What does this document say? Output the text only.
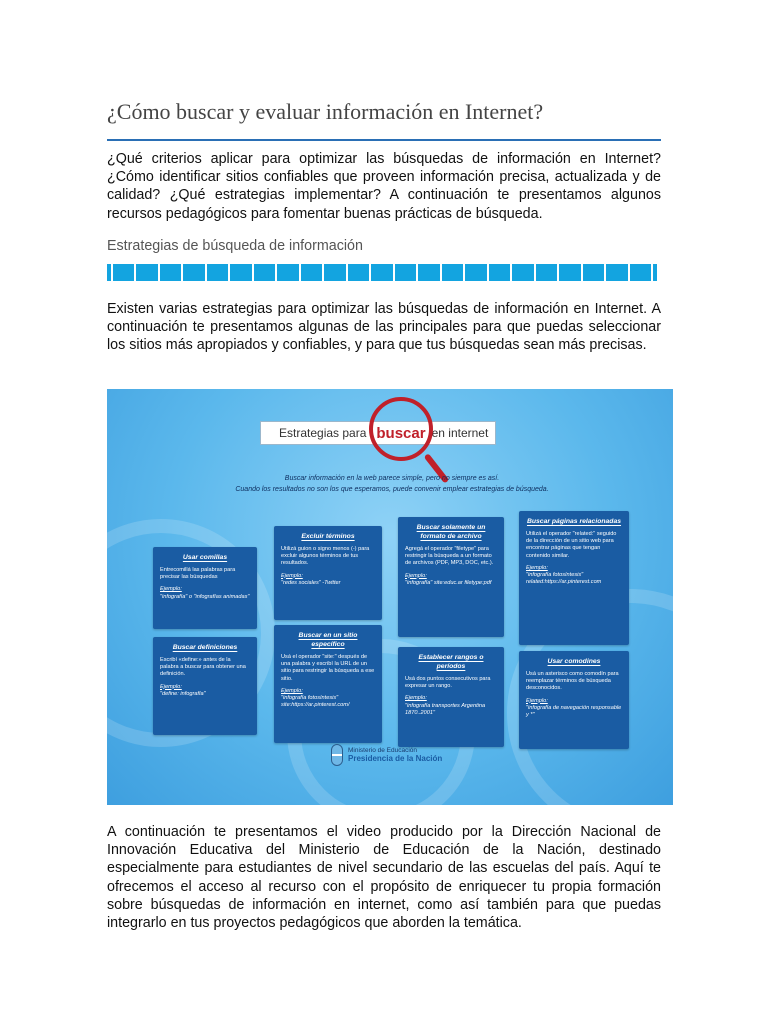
¿Cómo buscar y evaluar información en Internet?

¿Qué criterios aplicar para optimizar las búsquedas de información en Internet? ¿Cómo identificar sitios confiables que proveen información precisa, actualizada y de calidad? ¿Qué estrategias implementar? A continuación te presentamos algunos recursos pedagógicos para fomentar buenas prácticas de búsqueda.

Estrategias de búsqueda de información

Existen varias estrategias para optimizar las búsquedas de información en Internet. A continuación te presentamos algunas de las principales para que puedas seleccionar los sitios más apropiados y confiables, y para que tus búsquedas sean más precisas.

Estrategias para buscar en internet

Buscar información en la web parece simple, pero no siempre es así.

Cuando los resultados no son los que esperamos, puede convenir emplear estrategias de búsqueda.

Usar comillas

Entrecomillá las palabras para precisar las búsquedas

Ejemplo:

"infografía" o "infografías animadas"

Buscar definiciones

Escribí «define:» antes de la palabra a buscar para obtener una definición.

Ejemplo:

"define: infografía"

Excluir términos

Utilizá guion o signo menos (-) para excluir algunos términos de tus resultados.

Ejemplo:

"redes sociales" -Twitter

Buscar en un sitio específico

Usá el operador "site:" después de una palabra y escribí la URL de un sitio para restringir la búsqueda a ese sitio.

Ejemplo:

"infografía fotosíntesis" site:https://ar.pinterest.com/

Buscar solamente un formato de archivo

Agregá el operador "filetype" para restringir la búsqueda a un formato de archivos (PDF, MP3, DOC, etc.).

Ejemplo:

"infografía" site:educ.ar filetype:pdf

Establecer rangos o períodos

Usá dos puntos consecutivos para expresar un rango.

Ejemplo:

"infografía transportes Argentina 1870..2001"

Buscar páginas relacionadas

Utilizá el operador "related:" seguido de la dirección de un sitio web para encontrar páginas que tengan contenido similar.

Ejemplo:

"infografía fotosíntesis" related:https://ar.pinterest.com

Usar comodines

Usá un asterisco como comodín para reemplazar términos de búsqueda desconocidos.

Ejemplo:

"infografía de navegación responsable y *"

Ministerio de Educación
Presidencia de la Nación

A continuación te presentamos el video producido por la Dirección Nacional de Innovación Educativa del Ministerio de Educación de la Nación, destinado especialmente para estudiantes de nivel secundario de las escuelas del país. Aquí te ofrecemos el acceso al recurso con el propósito de enriquecer tu propia formación sobre búsquedas de información en internet, como así también para que puedas integrarlo en tus proyectos pedagógicos que aborden la temática.
